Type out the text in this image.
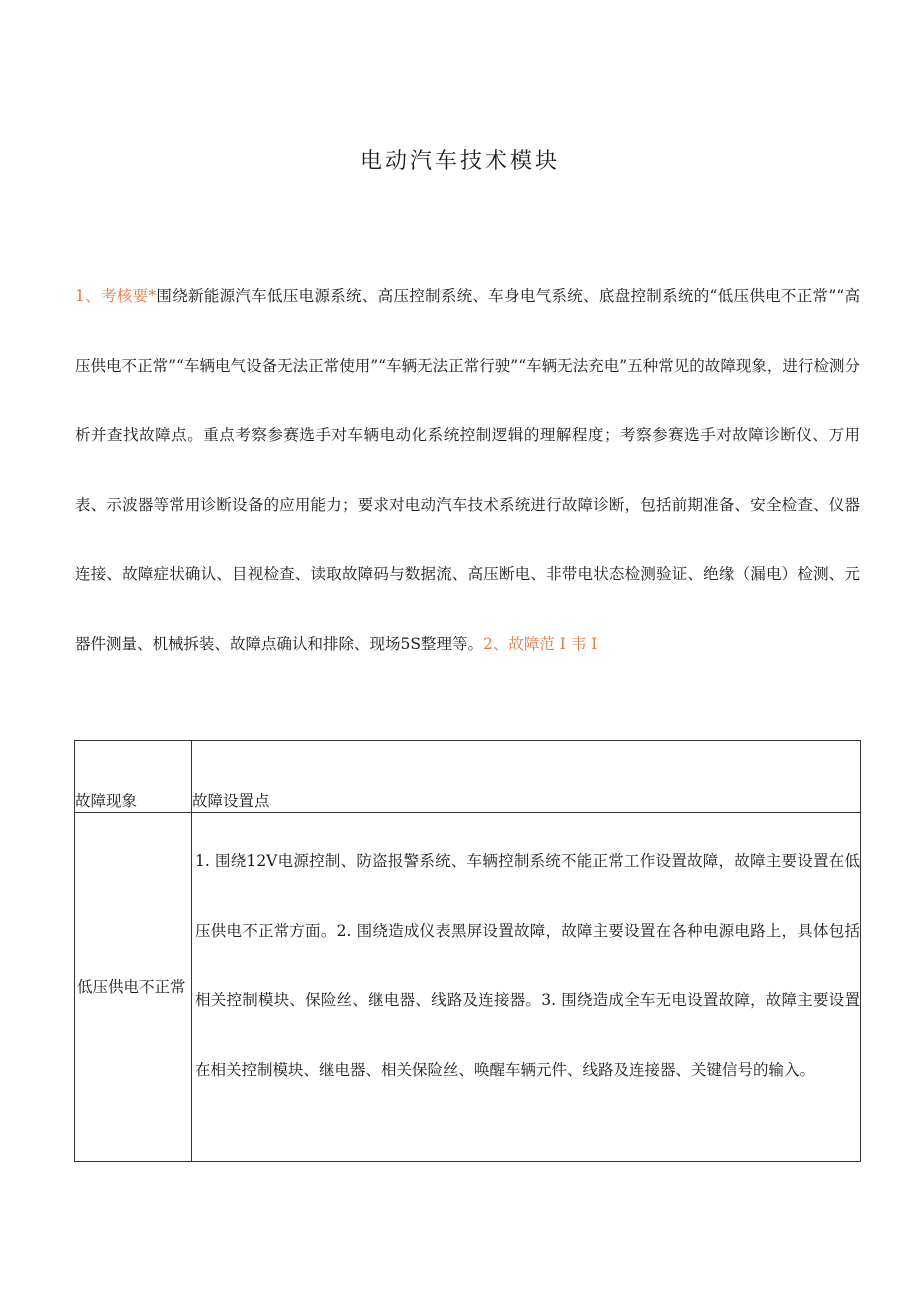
电动汽车技术模块

1、考核要*围绕新能源汽车低压电源系统、高压控制系统、车身电气系统、底盘控制系统的“低压供电不正常”“高压供电不正常”“车辆电气设备无法正常使用”“车辆无法正常行驶”“车辆无法充电”五种常见的故障现象，进行检测分析并查找故障点。重点考察参赛选手对车辆电动化系统控制逻辑的理解程度；考察参赛选手对故障诊断仪、万用表、示波器等常用诊断设备的应用能力；要求对电动汽车技术系统进行故障诊断，包括前期准备、安全检查、仪器连接、故障症状确认、目视检查、读取故障码与数据流、高压断电、非带电状态检测验证、绝缘（漏电）检测、元器件测量、机械拆装、故障点确认和排除、现场5S整理等。2、故障范 I 韦 I

故障现象	故障设置点
低压供电不正常	1. 围绕12V电源控制、防盗报警系统、车辆控制系统不能正常工作设置故障，故障主要设置在低压供电不正常方面。2. 围绕造成仪表黑屏设置故障，故障主要设置在各种电源电路上，具体包括相关控制模块、保险丝、继电器、线路及连接器。3. 围绕造成全车无电设置故障，故障主要设置在相关控制模块、继电器、相关保险丝、唤醒车辆元件、线路及连接器、关键信号的输入。
